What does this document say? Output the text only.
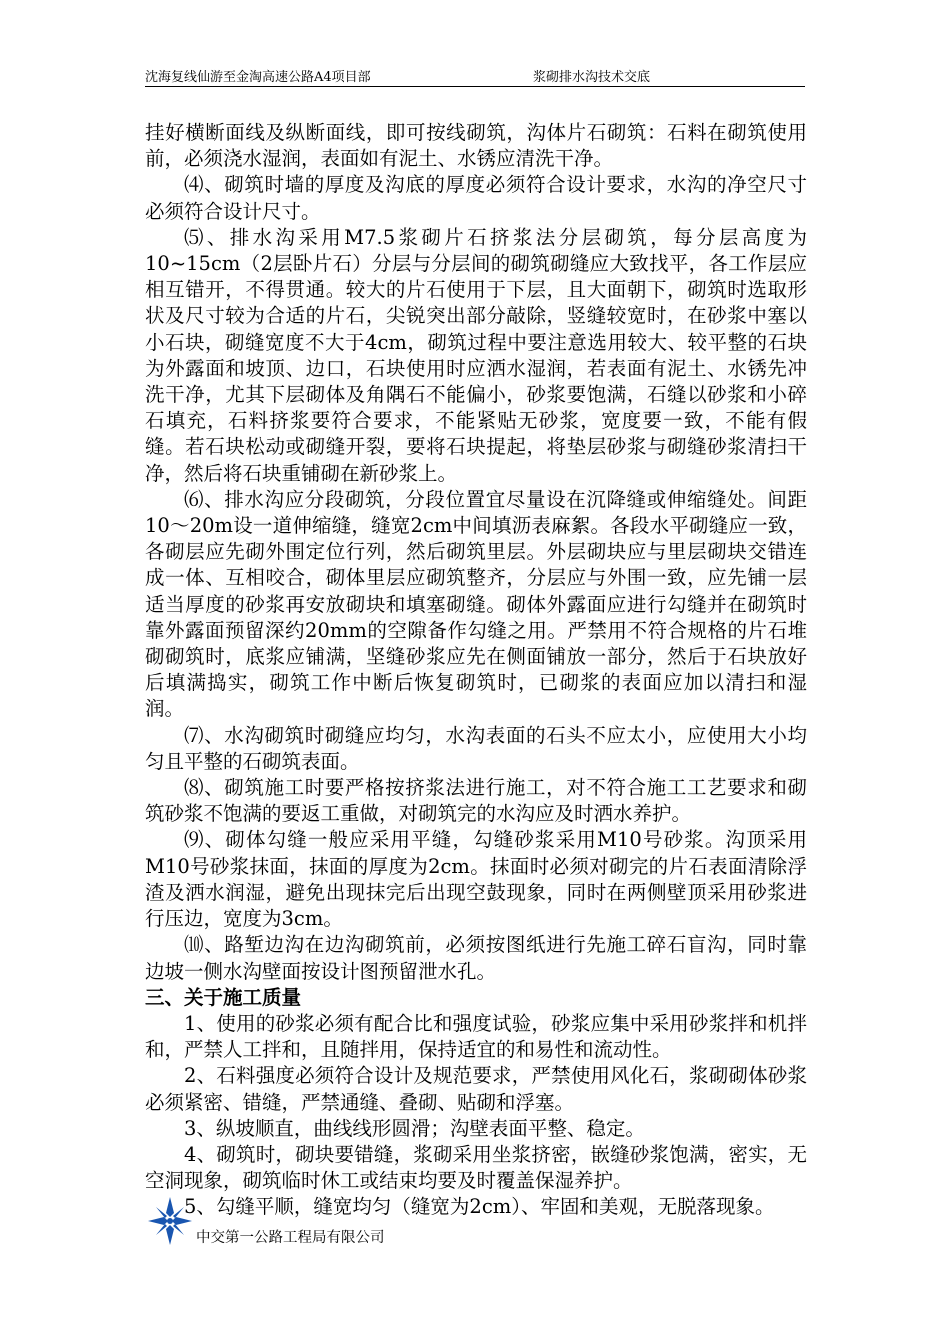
沈海复线仙游至金淘高速公路A4项目部	浆砌排水沟技术交底

挂好横断面线及纵断面线，即可按线砌筑，沟体片石砌筑：石料在砌筑使用前，必须浇水湿润，表面如有泥土、水锈应清洗干净。

⑷、砌筑时墙的厚度及沟底的厚度必须符合设计要求，水沟的净空尺寸必须符合设计尺寸。

⑸、排水沟采用M7.5浆砌片石挤浆法分层砌筑，每分层高度为10~15cm（2层卧片石）分层与分层间的砌筑砌缝应大致找平，各工作层应相互错开，不得贯通。较大的片石使用于下层，且大面朝下，砌筑时选取形状及尺寸较为合适的片石，尖锐突出部分敲除，竖缝较宽时，在砂浆中塞以小石块，砌缝宽度不大于4cm，砌筑过程中要注意选用较大、较平整的石块为外露面和坡顶、边口，石块使用时应洒水湿润，若表面有泥土、水锈先冲洗干净，尤其下层砌体及角隅石不能偏小，砂浆要饱满，石缝以砂浆和小碎石填充，石料挤浆要符合要求，不能紧贴无砂浆，宽度要一致，不能有假缝。若石块松动或砌缝开裂，要将石块提起，将垫层砂浆与砌缝砂浆清扫干净，然后将石块重铺砌在新砂浆上。

⑹、排水沟应分段砌筑，分段位置宜尽量设在沉降缝或伸缩缝处。间距10～20m设一道伸缩缝，缝宽2cm中间填沥表麻絮。各段水平砌缝应一致，各砌层应先砌外围定位行列，然后砌筑里层。外层砌块应与里层砌块交错连成一体、互相咬合，砌体里层应砌筑整齐，分层应与外围一致，应先铺一层适当厚度的砂浆再安放砌块和填塞砌缝。砌体外露面应进行勾缝并在砌筑时靠外露面预留深约20mm的空隙备作勾缝之用。严禁用不符合规格的片石堆砌砌筑时，底浆应铺满，坚缝砂浆应先在侧面铺放一部分，然后于石块放好后填满捣实，砌筑工作中断后恢复砌筑时，已砌浆的表面应加以清扫和湿润。

⑺、水沟砌筑时砌缝应均匀，水沟表面的石头不应太小，应使用大小均匀且平整的石砌筑表面。

⑻、砌筑施工时要严格按挤浆法进行施工，对不符合施工工艺要求和砌筑砂浆不饱满的要返工重做，对砌筑完的水沟应及时洒水养护。

⑼、砌体勾缝一般应采用平缝，勾缝砂浆采用M10号砂浆。沟顶采用M10号砂浆抹面，抹面的厚度为2cm。抹面时必须对砌完的片石表面清除浮渣及洒水润湿，避免出现抹完后出现空鼓现象，同时在两侧壁顶采用砂浆进行压边，宽度为3cm。

⑽、路堑边沟在边沟砌筑前，必须按图纸进行先施工碎石盲沟，同时靠边坡一侧水沟壁面按设计图预留泄水孔。

三、关于施工质量

1、使用的砂浆必须有配合比和强度试验，砂浆应集中采用砂浆拌和机拌和，严禁人工拌和，且随拌用，保持适宜的和易性和流动性。

2、石料强度必须符合设计及规范要求，严禁使用风化石，浆砌砌体砂浆必须紧密、错缝，严禁通缝、叠砌、贴砌和浮塞。

3、纵坡顺直，曲线线形圆滑；沟壁表面平整、稳定。

4、砌筑时，砌块要错缝，浆砌采用坐浆挤密，嵌缝砂浆饱满，密实，无空洞现象，砌筑临时休工或结束均要及时覆盖保湿养护。

5、勾缝平顺，缝宽均匀（缝宽为2cm）、牢固和美观，无脱落现象。

中交第一公路工程局有限公司
